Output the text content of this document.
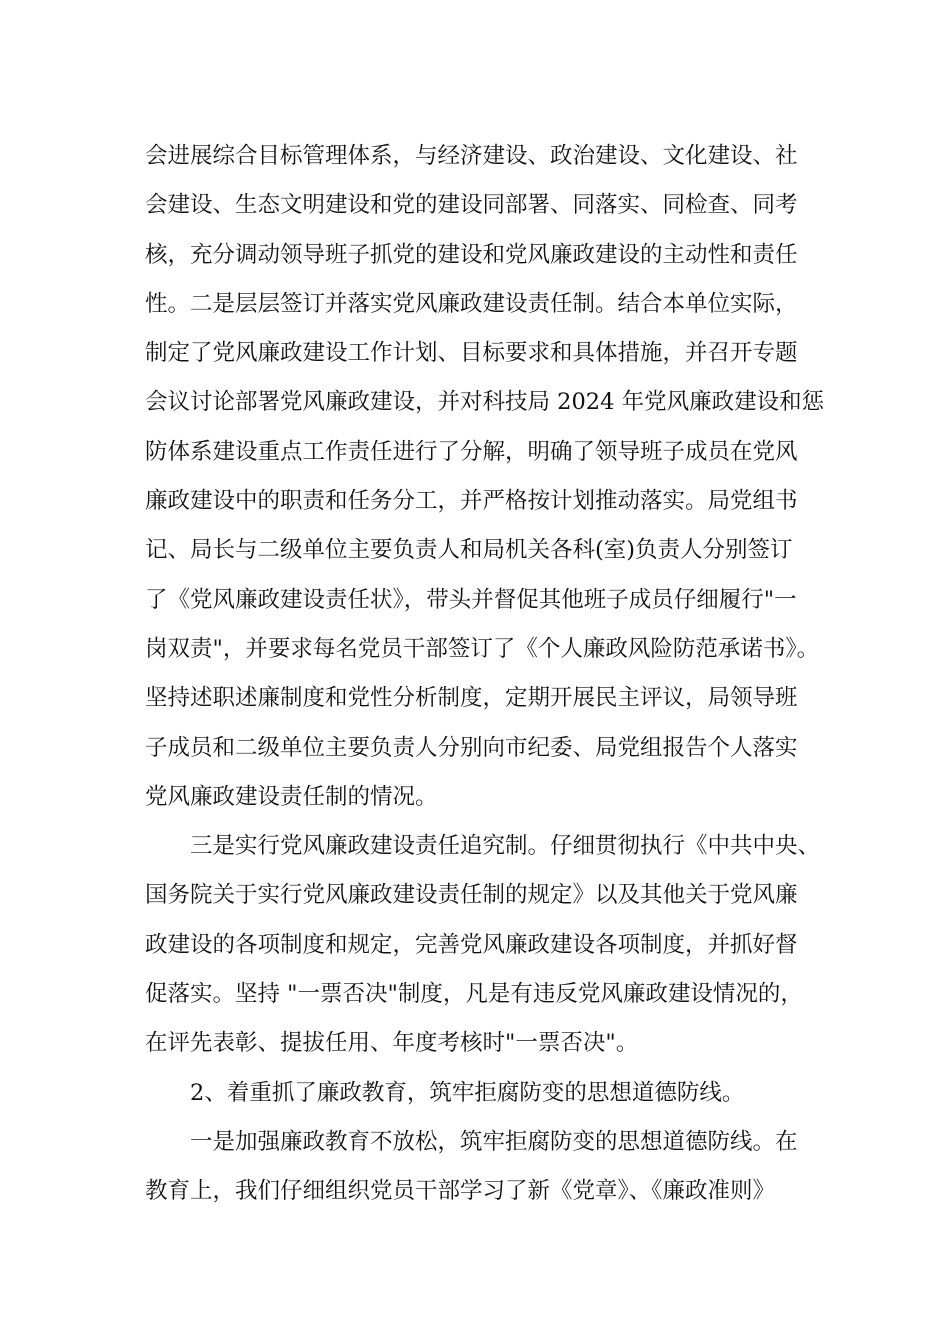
会进展综合目标管理体系，与经济建设、政治建设、文化建设、社
会建设、生态文明建设和党的建设同部署、同落实、同检查、同考
核，充分调动领导班子抓党的建设和党风廉政建设的主动性和责任
性。二是层层签订并落实党风廉政建设责任制。结合本单位实际，
制定了党风廉政建设工作计划、目标要求和具体措施，并召开专题
会议讨论部署党风廉政建设，并对科技局 2024 年党风廉政建设和惩
防体系建设重点工作责任进行了分解，明确了领导班子成员在党风
廉政建设中的职责和任务分工，并严格按计划推动落实。局党组书
记、局长与二级单位主要负责人和局机关各科(室)负责人分别签订
了《党风廉政建设责任状》，带头并督促其他班子成员仔细履行"一
岗双责"，并要求每名党员干部签订了《个人廉政风险防范承诺书》。
坚持述职述廉制度和党性分析制度，定期开展民主评议，局领导班
子成员和二级单位主要负责人分别向市纪委、局党组报告个人落实
党风廉政建设责任制的情况。
三是实行党风廉政建设责任追究制。仔细贯彻执行《中共中央、
国务院关于实行党风廉政建设责任制的规定》以及其他关于党风廉
政建设的各项制度和规定，完善党风廉政建设各项制度，并抓好督
促落实。坚持 "一票否决"制度，凡是有违反党风廉政建设情况的，
在评先表彰、提拔任用、年度考核时"一票否决"。
2、着重抓了廉政教育，筑牢拒腐防变的思想道德防线。
一是加强廉政教育不放松，筑牢拒腐防变的思想道德防线。在
教育上，我们仔细组织党员干部学习了新《党章》、《廉政准则》
